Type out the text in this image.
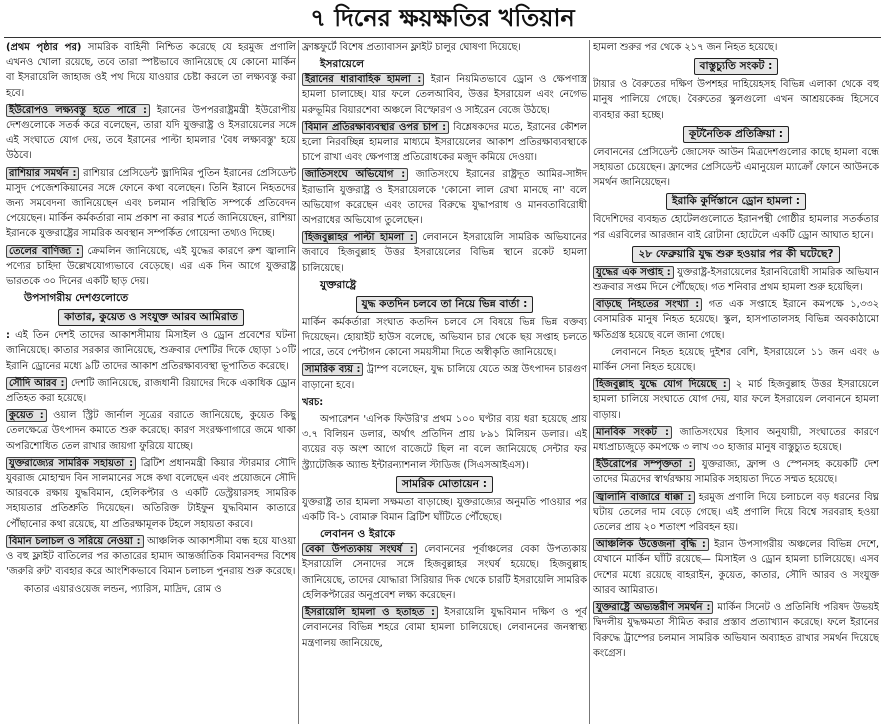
৭ দিনের ক্ষয়ক্ষতির খতিয়ান

(প্রথম পৃষ্ঠার পর) সামরিক বাহিনী নিশ্চিত করেছে যে হরমুজ প্রণালি এখনও খোলা রয়েছে, তবে তারা স্পষ্টভাবে জানিয়েছে যে কোনো মার্কিন বা ইসরায়েলি জাহাজ ওই পথ দিয়ে যাওয়ার চেষ্টা করলে তা লক্ষ্যবস্তু করা হবে।

ইউরোপও লক্ষ্যবস্তু হতে পারে : ইরানের উপপররাষ্ট্রমন্ত্রী ইউরোপীয় দেশগুলোকে সতর্ক করে বলেছেন, তারা যদি যুক্তরাষ্ট্র ও ইসরায়েলের সঙ্গে এই সংঘাতে যোগ দেয়, তবে ইরানের পাল্টা হামলার 'বৈধ লক্ষ্যবস্তু' হয়ে উঠবে।

রাশিয়ার সমর্থন : রাশিয়ার প্রেসিডেন্ট ভ্লাদিমির পুতিন ইরানের প্রেসিডেন্ট মাসুদ পেজেশকিয়ানের সঙ্গে ফোনে কথা বলেছেন। তিনি ইরানে নিহতদের জন্য সমবেদনা জানিয়েছেন এবং চলমান পরিস্থিতি সম্পর্কে প্রতিবেদন পেয়েছেন। মার্কিন কর্মকর্তারা নাম প্রকাশ না করার শর্তে জানিয়েছেন, রাশিয়া ইরানকে যুক্তরাষ্ট্রের সামরিক অবস্থান সম্পর্কিত গোয়েন্দা তথ্যও দিচ্ছে।

তেলের বাণিজ্য : ক্রেমলিন জানিয়েছে, এই যুদ্ধের কারণে রুশ জ্বালানি পণ্যের চাহিদা উল্লেখযোগ্যভাবে বেড়েছে। এর এক দিন আগে যুক্তরাষ্ট্র ভারতকে ৩০ দিনের একটি ছাড় দেয়।

উপসাগরীয় দেশগুলোতে
কাতার, কুয়েত ও সংযুক্ত আরব আমিরাত

: এই তিন দেশই তাদের আকাশসীমায় মিসাইল ও ড্রোন প্রবেশের ঘটনা জানিয়েছে। কাতার সরকার জানিয়েছে, শুক্রবার দেশটির দিকে ছোড়া ১০টি ইরানি ড্রোনের মধ্যে ৯টি তাদের আকাশ প্রতিরক্ষাব্যবস্থা ভূপাতিত করেছে।

সৌদি আরব : দেশটি জানিয়েছে, রাজধানী রিয়াদের দিকে একাধিক ড্রোন প্রতিহত করা হয়েছে।

কুয়েত : ওয়াল স্ট্রিট জার্নাল সূত্রের বরাতে জানিয়েছে, কুয়েত কিছু তেলক্ষেত্রে উৎপাদন কমাতে শুরু করেছে। কারণ সংরক্ষণাগারে জমে থাকা অপরিশোধিত তেল রাখার জায়গা ফুরিয়ে যাচ্ছে।

যুক্তরাজ্যের সামরিক সহায়তা : ব্রিটিশ প্রধানমন্ত্রী কিয়ার স্টারমার সৌদি যুবরাজ মোহাম্মদ বিন সালমানের সঙ্গে কথা বলেছেন এবং প্রয়োজনে সৌদি আরবকে রক্ষায় যুদ্ধবিমান, হেলিকপ্টার ও একটি ডেস্ট্রয়ারসহ সামরিক সহায়তার প্রতিশ্রুতি দিয়েছেন। অতিরিক্ত টাইফুন যুদ্ধবিমান কাতারে পৌঁছানোর কথা রয়েছে, যা প্রতিরক্ষামূলক টহলে সহায়তা করবে।

বিমান চলাচল ও সরিয়ে নেওয়া : আঞ্চলিক আকাশসীমা বন্ধ হয়ে যাওয়া ও বহু ফ্লাইট বাতিলের পর কাতারের হামাদ আন্তর্জাতিক বিমানবন্দর বিশেষ 'জরুরি রুট' ব্যবহার করে আংশিকভাবে বিমান চলাচল পুনরায় শুরু করেছে।

কাতার এয়ারওয়েজ লন্ডন, প্যারিস, মাদ্রিদ, রোম ও

ফ্রাঙ্কফুর্টে বিশেষ প্রত্যাবাসন ফ্লাইট চালুর ঘোষণা দিয়েছে।

ইসরায়েলে

ইরানের ধারাবাহিক হামলা : ইরান নিয়মিতভাবে ড্রোন ও ক্ষেপণাস্ত্র হামলা চালাচ্ছে। যার ফলে তেলআবিব, উত্তর ইসরায়েল এবং নেগেভ মরুভূমির বিয়ারশেবা অঞ্চলে বিস্ফোরণ ও সাইরেন বেজে উঠছে।

বিমান প্রতিরক্ষাব্যবস্থার ওপর চাপ : বিশ্লেষকদের মতে, ইরানের কৌশল হলো নিরবচ্ছিন্ন হামলার মাধ্যমে ইসরায়েলের আকাশ প্রতিরক্ষাব্যবস্থাকে চাপে রাখা এবং ক্ষেপণাস্ত্র প্রতিরোধকের মজুদ কমিয়ে দেওয়া।

জাতিসংঘে অভিযোগ : জাতিসংঘে ইরানের রাষ্ট্রদূত আমির-সাঈদ ইরাভানি যুক্তরাষ্ট্র ও ইসরায়েলকে 'কোনো লাল রেখা মানছে না' বলে অভিযোগ করেছেন এবং তাদের বিরুদ্ধে যুদ্ধাপরাধ ও মানবতাবিরোধী অপরাধের অভিযোগ তুলেছেন।

হিজবুল্লাহর পাল্টা হামলা : লেবাননে ইসরায়েলি সামরিক অভিযানের জবাবে হিজবুল্লাহ উত্তর ইসরায়েলের বিভিন্ন স্থানে রকেট হামলা চালিয়েছে।

যুক্তরাষ্ট্রে
যুদ্ধ কতদিন চলবে তা নিয়ে ভিন্ন বার্তা :

মার্কিন কর্মকর্তারা সংঘাত কতদিন চলবে সে বিষয়ে ভিন্ন ভিন্ন বক্তব্য দিয়েছেন। হোয়াইট হাউস বলেছে, অভিযান চার থেকে ছয় সপ্তাহ চলতে পারে, তবে পেন্টাগন কোনো সময়সীমা দিতে অস্বীকৃতি জানিয়েছে।

সামরিক ব্যয় : ট্রাম্প বলেছেন, যুদ্ধ চালিয়ে যেতে অস্ত্র উৎপাদন চারগুণ বাড়ানো হবে।

খরচ:

অপারেশন 'এপিক ফিউরি'র প্রথম ১০০ ঘণ্টার ব্যয় ধরা হয়েছে প্রায় ৩.৭ বিলিয়ন ডলার, অর্থাৎ প্রতিদিন প্রায় ৮৯১ মিলিয়ন ডলার। এই ব্যয়ের বড় অংশ আগে বাজেটে ছিল না বলে জানিয়েছে সেন্টার ফর স্ট্র্যাটেজিক অ্যান্ড ইন্টারন্যাশনাল স্টাডিজ (সিএসআইএস)।

সামরিক মোতায়েন :

যুক্তরাষ্ট্র তার হামলা সক্ষমতা বাড়াচ্ছে। যুক্তরাজ্যের অনুমতি পাওয়ার পর একটি বি-১ বোমারু বিমান ব্রিটিশ ঘাঁটিতে পৌঁছেছে।

লেবানন ও ইরাকে

বেকা উপত্যকায় সংঘর্ষ : লেবাননের পূর্বাঞ্চলের বেকা উপত্যকায় ইসরায়েলি সেনাদের সঙ্গে হিজবুল্লাহর সংঘর্ষ হয়েছে। হিজবুল্লাহ জানিয়েছে, তাদের যোদ্ধারা সিরিয়ার দিক থেকে চারটি ইসরায়েলি সামরিক হেলিকপ্টারের অনুপ্রবেশ লক্ষ্য করেছেন।

ইসরায়েলি হামলা ও হতাহত : ইসরায়েলি যুদ্ধবিমান দক্ষিণ ও পূর্ব লেবাননের বিভিন্ন শহরে বোমা হামলা চালিয়েছে। লেবাননের জনস্বাস্থ্য মন্ত্রণালয় জানিয়েছে,

হামলা শুরুর পর থেকে ২১৭ জন নিহত হয়েছে।

বাস্তুচ্যুতি সংকট :

টায়ার ও বৈরুতের দক্ষিণ উপশহর দাহিয়েহসহ বিভিন্ন এলাকা থেকে বহু মানুষ পালিয়ে গেছে। বৈরুতের স্কুলগুলো এখন আশ্রয়কেন্দ্র হিসেবে ব্যবহার করা হচ্ছে।

কূটনৈতিক প্রতিক্রিয়া :

লেবাননের প্রেসিডেন্ট জোসেফ আউন মিত্রদেশগুলোর কাছে হামলা বন্ধে সহায়তা চেয়েছেন। ফ্রান্সের প্রেসিডেন্ট এমানুয়েল ম্যাক্রোঁ ফোনে আউনকে সমর্থন জানিয়েছেন।

ইরাকি কুর্দিস্তানে ড্রোন হামলা :

বিদেশিদের ব্যবহৃত হোটেলগুলোতে ইরানপন্থী গোষ্ঠীর হামলার সতর্কতার পর এরবিলের আরজান বাই রোটানা হোটেলে একটি ড্রোন আঘাত হানে।

২৮ ফেব্রুয়ারি যুদ্ধ শুরু হওয়ার পর কী ঘটেছে?

যুদ্ধের এক সপ্তাহ : যুক্তরাষ্ট্র-ইসরায়েলের ইরানবিরোধী সামরিক অভিযান শুক্রবার সপ্তম দিনে পৌঁছেছে। গত শনিবার প্রথম হামলা শুরু হয়েছিল।

বাড়ছে নিহতের সংখ্যা : গত এক সপ্তাহে ইরানে কমপক্ষে ১,৩৩২ বেসামরিক মানুষ নিহত হয়েছে। স্কুল, হাসপাতালসহ বিভিন্ন অবকাঠামো ক্ষতিগ্রস্ত হয়েছে বলে জানা গেছে।

লেবাননে নিহত হয়েছে দুইশর বেশি, ইসরায়েলে ১১ জন এবং ৬ মার্কিন সেনা নিহত হয়েছে।

হিজবুল্লাহ যুদ্ধে যোগ দিয়েছে : ২ মার্চ হিজবুল্লাহ উত্তর ইসরায়েলে হামলা চালিয়ে সংঘাতে যোগ দেয়, যার ফলে ইসরায়েল লেবাননে হামলা বাড়ায়।

মানবিক সংকট : জাতিসংঘের হিসাব অনুযায়ী, সংঘাতের কারণে মধ্যপ্রাচ্যজুড়ে কমপক্ষে ৩ লাখ ৩০ হাজার মানুষ বাস্তুচ্যুত হয়েছে।

ইউরোপের সম্পৃক্ততা : যুক্তরাজ্য, ফ্রান্স ও স্পেনসহ কয়েকটি দেশ তাদের মিত্রদের স্বার্থরক্ষায় সামরিক সহায়তা দিতে সম্মত হয়েছে।

জ্বালানি বাজারে ধাক্কা : হরমুজ প্রণালি দিয়ে চলাচলে বড় ধরনের বিঘ্ন ঘটায় তেলের দাম বেড়ে গেছে। এই প্রণালি দিয়ে বিশ্বে সরবরাহ হওয়া তেলের প্রায় ২০ শতাংশ পরিবহন হয়।

আঞ্চলিক উত্তেজনা বৃদ্ধি : ইরান উপসাগরীয় অঞ্চলের বিভিন্ন দেশে, যেখানে মার্কিন ঘাঁটি রয়েছে— মিসাইল ও ড্রোন হামলা চালিয়েছে। এসব দেশের মধ্যে রয়েছে বাহরাইন, কুয়েত, কাতার, সৌদি আরব ও সংযুক্ত আরব আমিরাত।

যুক্তরাষ্ট্রে অভ্যন্তরীণ সমর্থন : মার্কিন সিনেট ও প্রতিনিধি পরিষদ উভয়ই দ্বিদলীয় যুদ্ধক্ষমতা সীমিত করার প্রস্তাব প্রত্যাখ্যান করেছে। ফলে ইরানের বিরুদ্ধে ট্রাম্পের চলমান সামরিক অভিযান অব্যাহত রাখার সমর্থন দিয়েছে কংগ্রেস।
